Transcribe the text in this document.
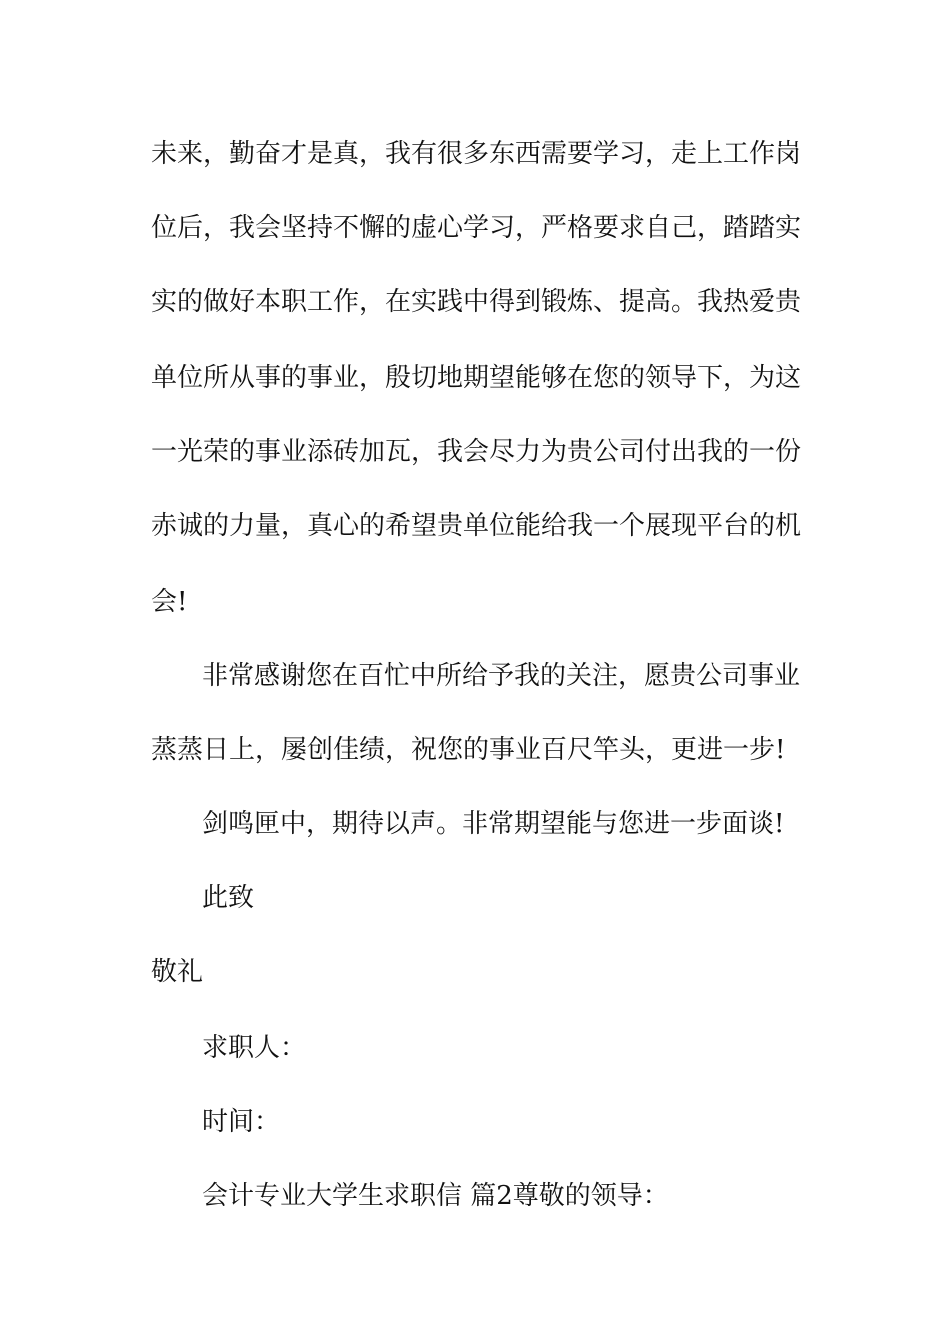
未来，勤奋才是真，我有很多东西需要学习，走上工作岗
位后，我会坚持不懈的虚心学习，严格要求自己，踏踏实
实的做好本职工作，在实践中得到锻炼、提高。我热爱贵
单位所从事的事业，殷切地期望能够在您的领导下，为这
一光荣的事业添砖加瓦，我会尽力为贵公司付出我的一份
赤诚的力量，真心的希望贵单位能给我一个展现平台的机
会!
非常感谢您在百忙中所给予我的关注，愿贵公司事业
蒸蒸日上，屡创佳绩，祝您的事业百尺竿头，更进一步!
剑鸣匣中，期待以声。非常期望能与您进一步面谈!
此致
敬礼
求职人：
时间：
会计专业大学生求职信 篇2尊敬的领导：
